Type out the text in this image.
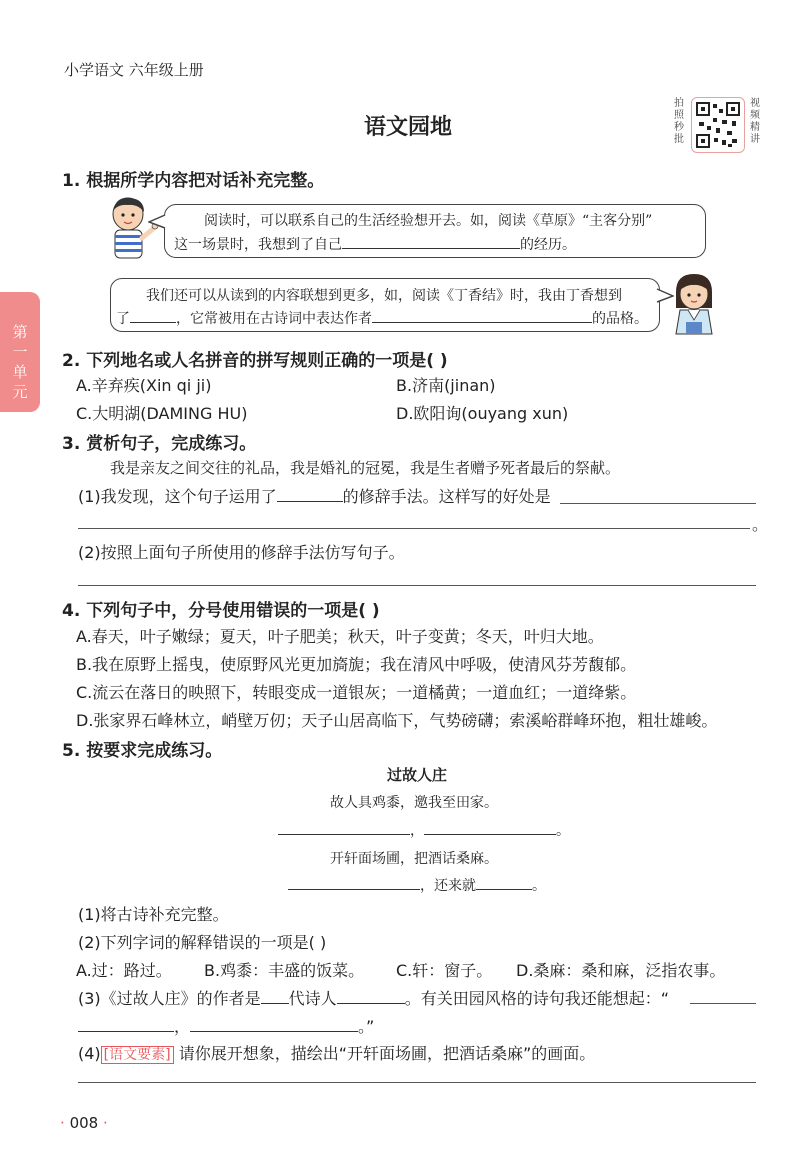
小学语文 六年级上册
语文园地
拍照秒批
视频精讲
第一单元
1. 根据所学内容把对话补充完整。
阅读时，可以联系自己的生活经验想开去。如，阅读《草原》“主客分别”
这一场景时，我想到了自己	的经历。
我们还可以从读到的内容联想到更多，如，阅读《丁香结》时，我由丁香想到
了	，它常被用在古诗词中表达作者	的品格。
2. 下列地名或人名拼音的拼写规则正确的一项是( )
A.辛弃疾(Xin qi ji)	B.济南(jinan)
C.大明湖(DAMING HU)	D.欧阳询(ouyang xun)
3. 赏析句子，完成练习。
我是亲友之间交往的礼品，我是婚礼的冠冕，我是生者赠予死者最后的祭献。
(1)我发现，这个句子运用了	的修辞手法。这样写的好处是
。
(2)按照上面句子所使用的修辞手法仿写句子。
4. 下列句子中，分号使用错误的一项是( )
A.春天，叶子嫩绿；夏天，叶子肥美；秋天，叶子变黄；冬天，叶归大地。
B.我在原野上摇曳，使原野风光更加旖旎；我在清风中呼吸，使清风芬芳馥郁。
C.流云在落日的映照下，转眼变成一道银灰；一道橘黄；一道血红；一道绛紫。
D.张家界石峰林立，峭壁万仞；天子山居高临下，气势磅礴；索溪峪群峰环抱，粗壮雄峻。
5. 按要求完成练习。
过故人庄
故人具鸡黍，邀我至田家。
，	。
开轩面场圃，把酒话桑麻。
，还来就	。
(1)将古诗补充完整。
(2)下列字词的解释错误的一项是( )
A.过：路过。 B.鸡黍：丰盛的饭菜。 C.轩：窗子。 D.桑麻：桑和麻，泛指农事。
(3)《过故人庄》的作者是 代诗人	。有关田园风格的诗句我还能想起：“
，	。”
(4) [语文要素] 请你展开想象，描绘出“开轩面场圃，把酒话桑麻”的画面。
· 008 ·
